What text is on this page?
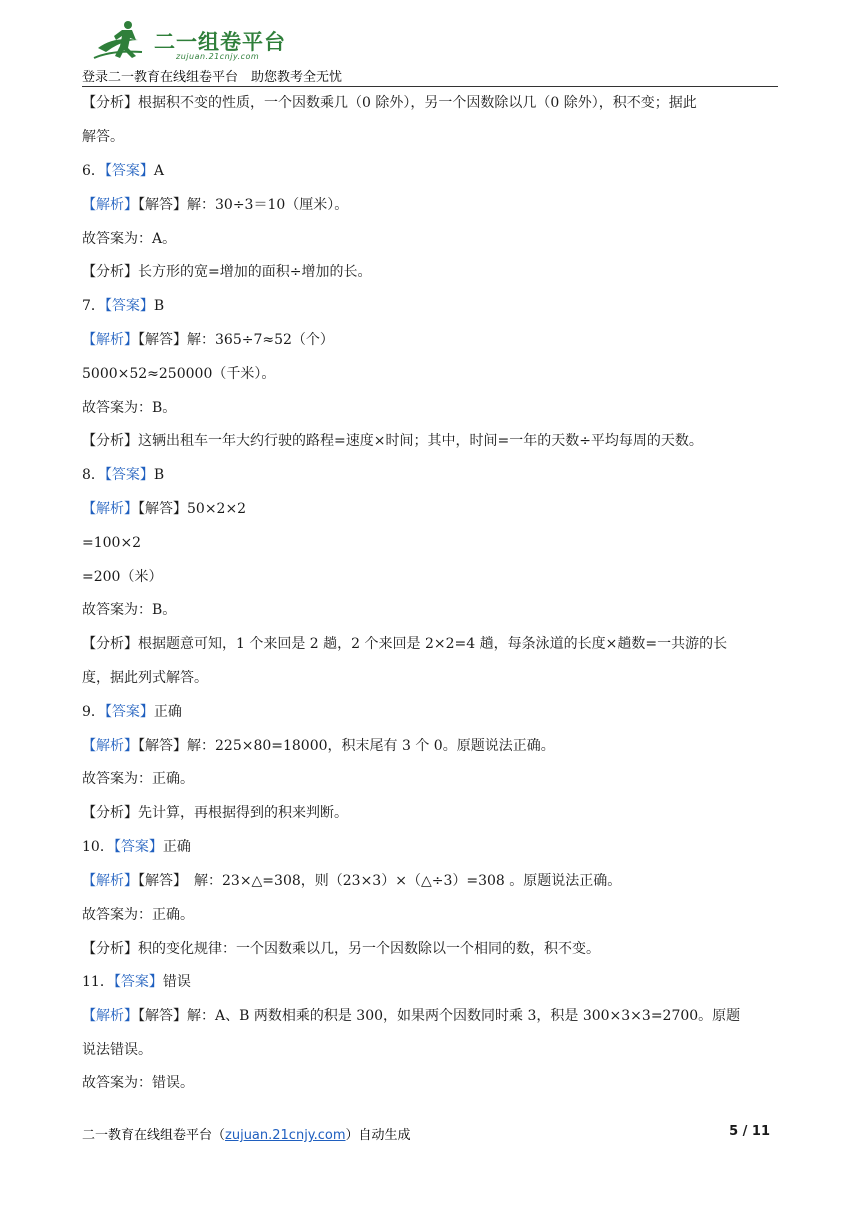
二一组卷平台
zujuan.21cnjy.com
登录二一教育在线组卷平台　助您教考全无忧
【分析】根据积不变的性质，一个因数乘几（0 除外），另一个因数除以几（0 除外），积不变；据此
解答。
6．【答案】A
【解析】【解答】解：30÷3＝10（厘米）。
故答案为：A。
【分析】长方形的宽=增加的面积÷增加的长。
7．【答案】B
【解析】【解答】解：365÷7≈52（个）
5000×52≈250000（千米）。
故答案为：B。
【分析】这辆出租车一年大约行驶的路程=速度×时间；其中，时间=一年的天数÷平均每周的天数。
8．【答案】B
【解析】【解答】50×2×2
=100×2
=200（米）
故答案为：B。
【分析】根据题意可知，1 个来回是 2 趟，2 个来回是 2×2=4 趟，每条泳道的长度×趟数=一共游的长
度，据此列式解答。
9．【答案】正确
【解析】【解答】解：225×80=18000，积末尾有 3 个 0。原题说法正确。
故答案为：正确。
【分析】先计算，再根据得到的积来判断。
10．【答案】正确
【解析】【解答】　解：23×△=308，则（23×3）×（△÷3）=308 。原题说法正确。
故答案为：正确。
【分析】积的变化规律：一个因数乘以几，另一个因数除以一个相同的数，积不变。
11．【答案】错误
【解析】【解答】解：A、B 两数相乘的积是 300，如果两个因数同时乘 3，积是 300×3×3=2700。原题
说法错误。
故答案为：错误。
二一教育在线组卷平台（zujuan.21cnjy.com）自动生成	5 / 11
